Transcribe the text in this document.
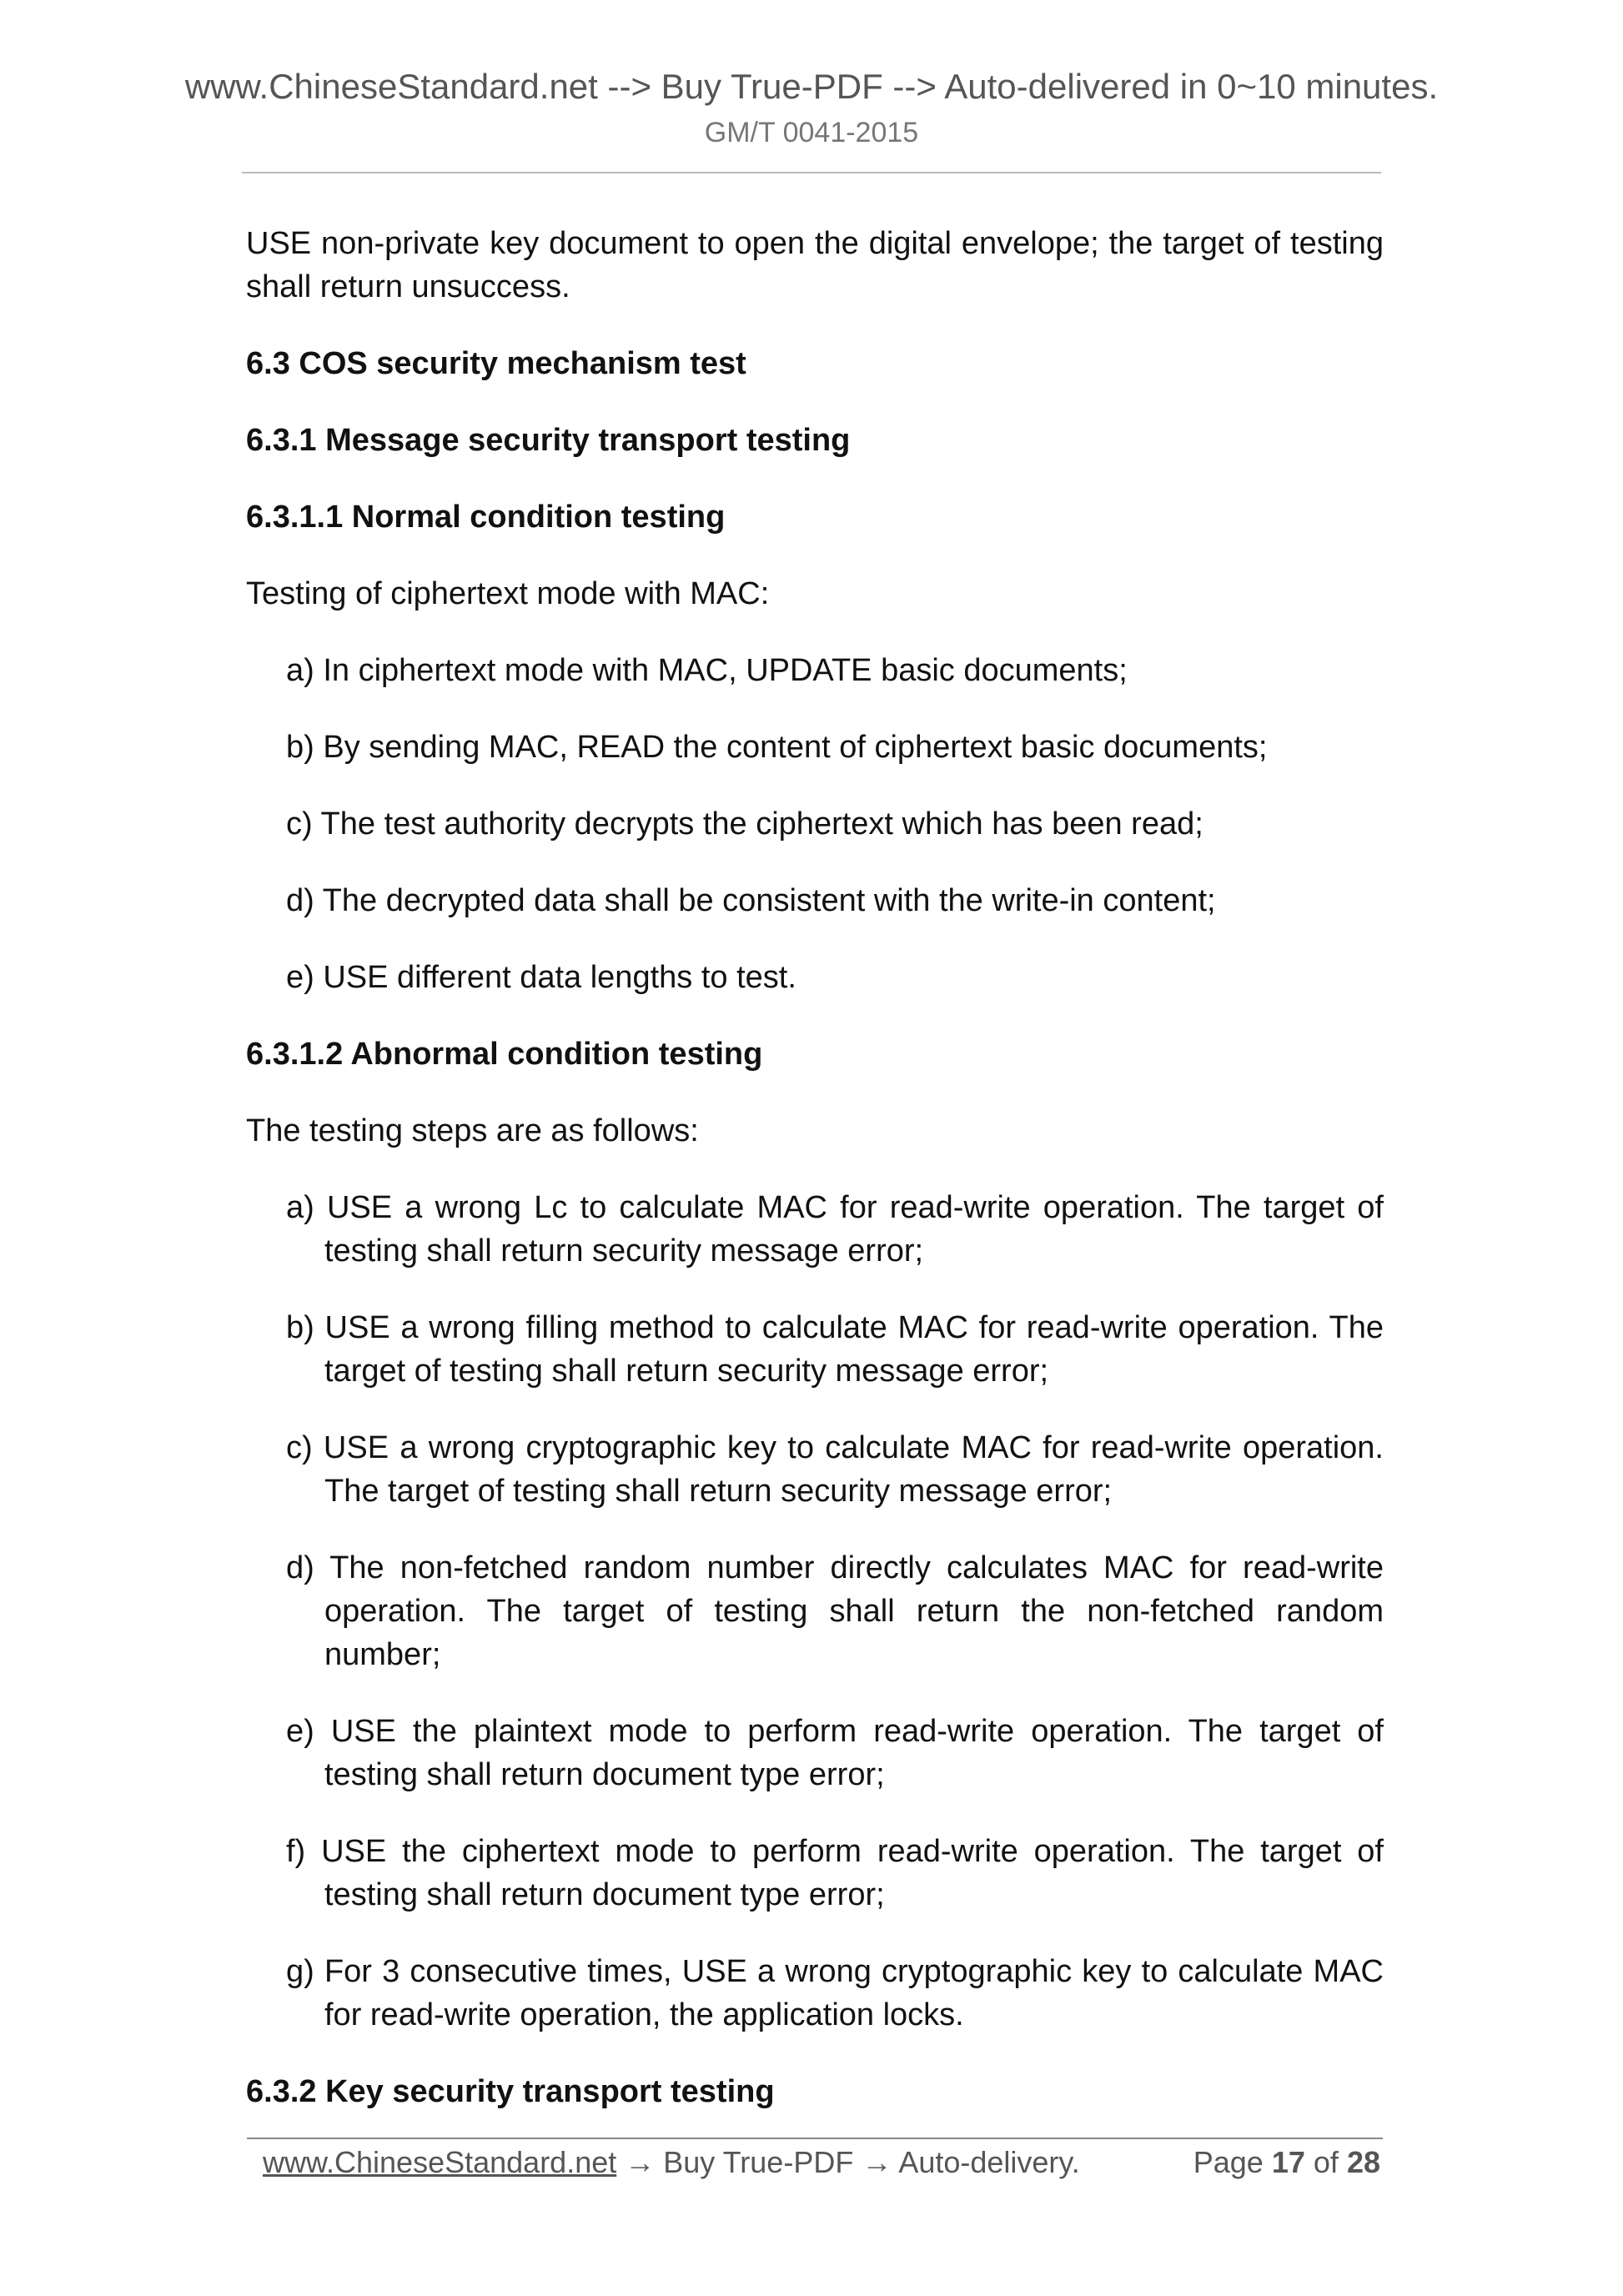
www.ChineseStandard.net --> Buy True-PDF --> Auto-delivered in 0~10 minutes.
GM/T 0041-2015

USE non-private key document to open the digital envelope; the target of testing shall return unsuccess.

6.3 COS security mechanism test

6.3.1 Message security transport testing

6.3.1.1 Normal condition testing

Testing of ciphertext mode with MAC:

a) In ciphertext mode with MAC, UPDATE basic documents;

b) By sending MAC, READ the content of ciphertext basic documents;

c) The test authority decrypts the ciphertext which has been read;

d) The decrypted data shall be consistent with the write-in content;

e) USE different data lengths to test.

6.3.1.2 Abnormal condition testing

The testing steps are as follows:

a) USE a wrong Lc to calculate MAC for read-write operation. The target of testing shall return security message error;

b) USE a wrong filling method to calculate MAC for read-write operation. The target of testing shall return security message error;

c) USE a wrong cryptographic key to calculate MAC for read-write operation. The target of testing shall return security message error;

d) The non-fetched random number directly calculates MAC for read-write operation. The target of testing shall return the non-fetched random number;

e) USE the plaintext mode to perform read-write operation. The target of testing shall return document type error;

f) USE the ciphertext mode to perform read-write operation. The target of testing shall return document type error;

g) For 3 consecutive times, USE a wrong cryptographic key to calculate MAC for read-write operation, the application locks.

6.3.2 Key security transport testing

www.ChineseStandard.net → Buy True-PDF → Auto-delivery.	Page 17 of 28
